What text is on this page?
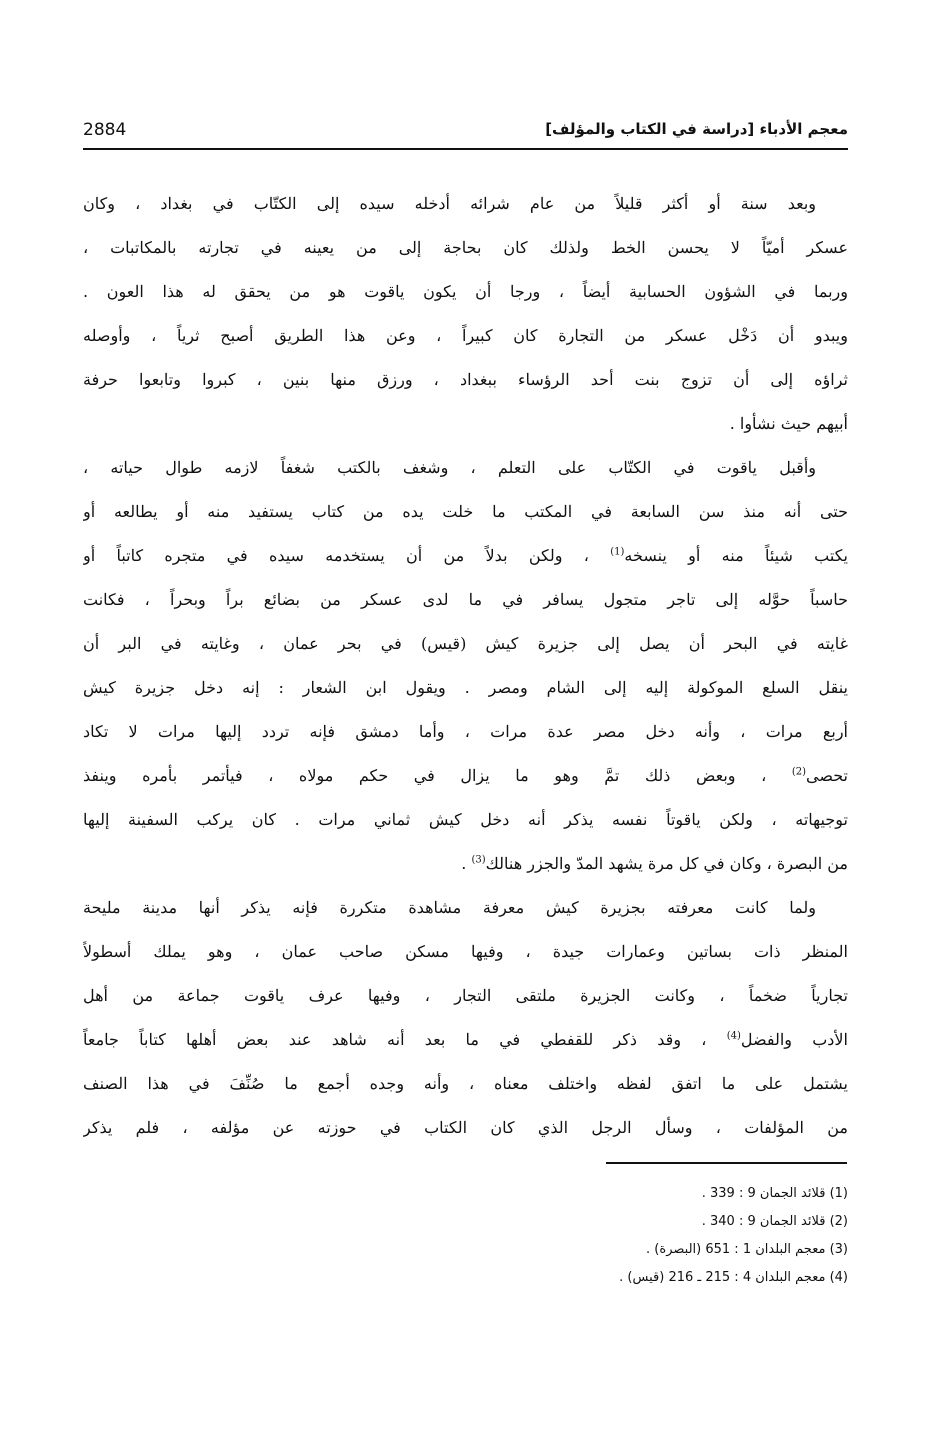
معجم الأدباء [دراسة في الكتاب والمؤلف]
2884
وبعد سنة أو أكثر قليلاً من عام شرائه أدخله سيده إلى الكتّاب في بغداد ، وكان
عسكر أميّاً لا يحسن الخط ولذلك كان بحاجة إلى من يعينه في تجارته بالمكاتبات ،
وربما في الشؤون الحسابية أيضاً ، ورجا أن يكون ياقوت هو من يحقق له هذا العون .
ويبدو أن دَخْل عسكر من التجارة كان كبيراً ، وعن هذا الطريق أصبح ثرياً ، وأوصله
ثراؤه إلى أن تزوج بنت أحد الرؤساء ببغداد ، ورزق منها بنين ، كبروا وتابعوا حرفة
أبيهم حيث نشأوا .
وأقبل ياقوت في الكتّاب على التعلم ، وشغف بالكتب شغفاً لازمه طوال حياته ،
حتى أنه منذ سن السابعة في المكتب ما خلت يده من كتاب يستفيد منه أو يطالعه أو
يكتب شيئاً منه أو ينسخه$^{(1)}$ ، ولكن بدلاً من أن يستخدمه سيده في متجره كاتباً أو
حاسباً حوَّله إلى تاجر متجول يسافر في ما لدى عسكر من بضائع براً وبحراً ، فكانت
غايته في البحر أن يصل إلى جزيرة كيش (قيس) في بحر عمان ، وغايته في البر أن
ينقل السلع الموكولة إليه إلى الشام ومصر . ويقول ابن الشعار : إنه دخل جزيرة كيش
أربع مرات ، وأنه دخل مصر عدة مرات ، وأما دمشق فإنه تردد إليها مرات لا تكاد
تحصى$^{(2)}$ ، وبعض ذلك تمَّ وهو ما يزال في حكم مولاه ، فيأتمر بأمره وينفذ
توجيهاته ، ولكن ياقوتاً نفسه يذكر أنه دخل كيش ثماني مرات . كان يركب السفينة إليها
من البصرة ، وكان في كل مرة يشهد المدّ والجزر هنالك$^{(3)}$ .
ولما كانت معرفته بجزيرة كيش معرفة مشاهدة متكررة فإنه يذكر أنها مدينة مليحة
المنظر ذات بساتين وعمارات جيدة ، وفيها مسكن صاحب عمان ، وهو يملك أسطولاً
تجارياً ضخماً ، وكانت الجزيرة ملتقى التجار ، وفيها عرف ياقوت جماعة من أهل
الأدب والفضل$^{(4)}$ ، وقد ذكر للقفطي في ما بعد أنه شاهد عند بعض أهلها كتاباً جامعاً
يشتمل على ما اتفق لفظه واختلف معناه ، وأنه وجده أجمع ما صُنِّفَ في هذا الصنف
من المؤلفات ، وسأل الرجل الذي كان الكتاب في حوزته عن مؤلفه ، فلم يذكر
(1) قلائد الجمان 9 : 339 .
(2) قلائد الجمان 9 : 340 .
(3) معجم البلدان 1 : 651 (البصرة) .
(4) معجم البلدان 4 : 215 ـ 216 (قيس) .
